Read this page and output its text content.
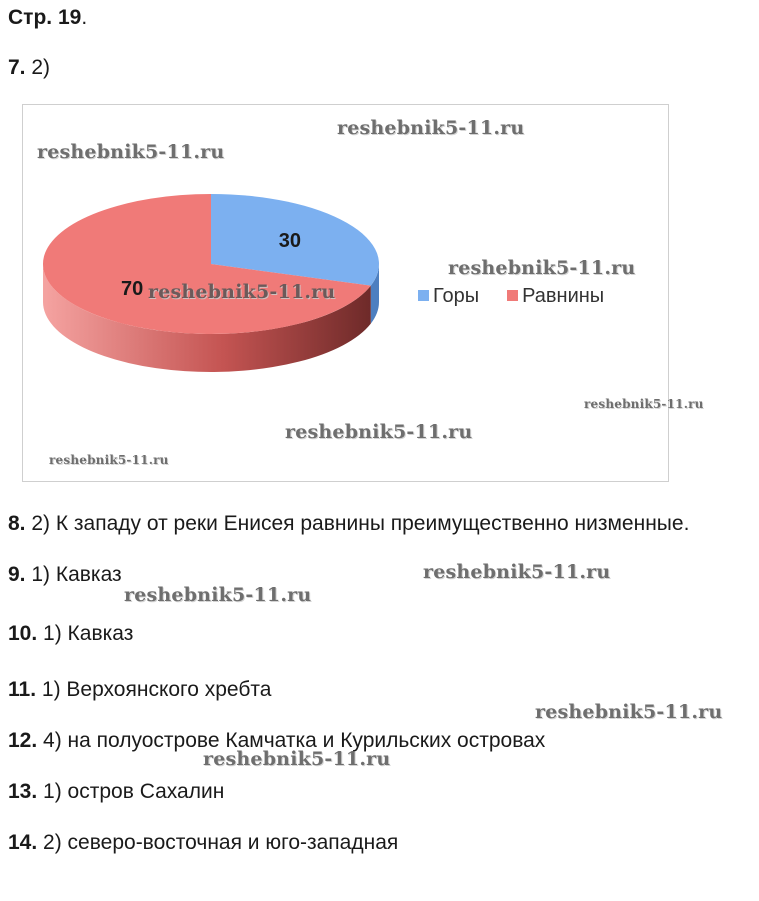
Стр. 19.
7. 2)
30
70	Горы Равнины
reshebnik5-11.ru
reshebnik5-11.ru
reshebnik5-11.ru
reshebnik5-11.ru
reshebnik5-11.ru
reshebnik5-11.ru
reshebnik5-11.ru
8. 2) К западу от реки Енисея равнины преимущественно низменные.
9. 1) Кавказ
10. 1) Кавказ
11. 1) Верхоянского хребта
12. 4) на полуострове Камчатка и Курильских островах
13. 1) остров Сахалин
14. 2) северо-восточная и юго-западная
reshebnik5-11.ru
reshebnik5-11.ru
reshebnik5-11.ru
reshebnik5-11.ru
